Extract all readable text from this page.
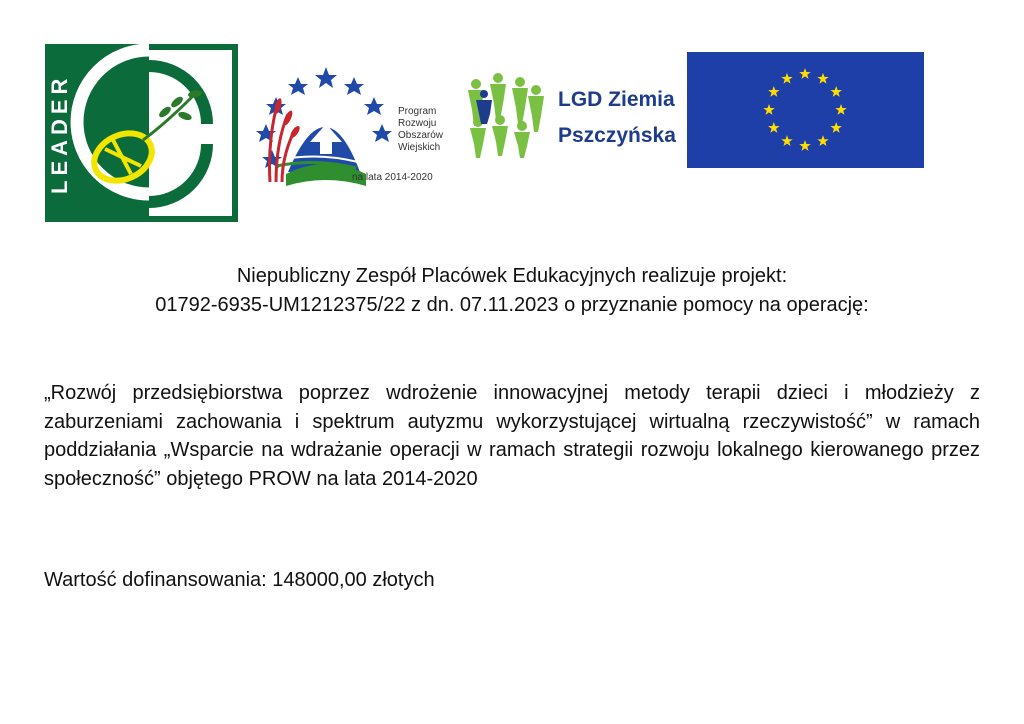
LEADER	Program
Rozwoju
Obszarów
Wiejskich
na lata 2014-2020
LGD Ziemia
Pszczyńska
Niepubliczny Zespół Placówek Edukacyjnych realizuje projekt:
01792-6935-UM1212375/22 z dn. 07.11.2023 o przyznanie pomocy na operację:

„Rozwój przedsiębiorstwa poprzez wdrożenie innowacyjnej metody terapii dzieci i młodzieży z zaburzeniami zachowania i spektrum autyzmu wykorzystującej wirtualną rzeczywistość” w ramach poddziałania „Wsparcie na wdrażanie operacji w ramach strategii rozwoju lokalnego kierowanego przez społeczność” objętego PROW na lata 2014-2020

Wartość dofinansowania: 148000,00 złotych
